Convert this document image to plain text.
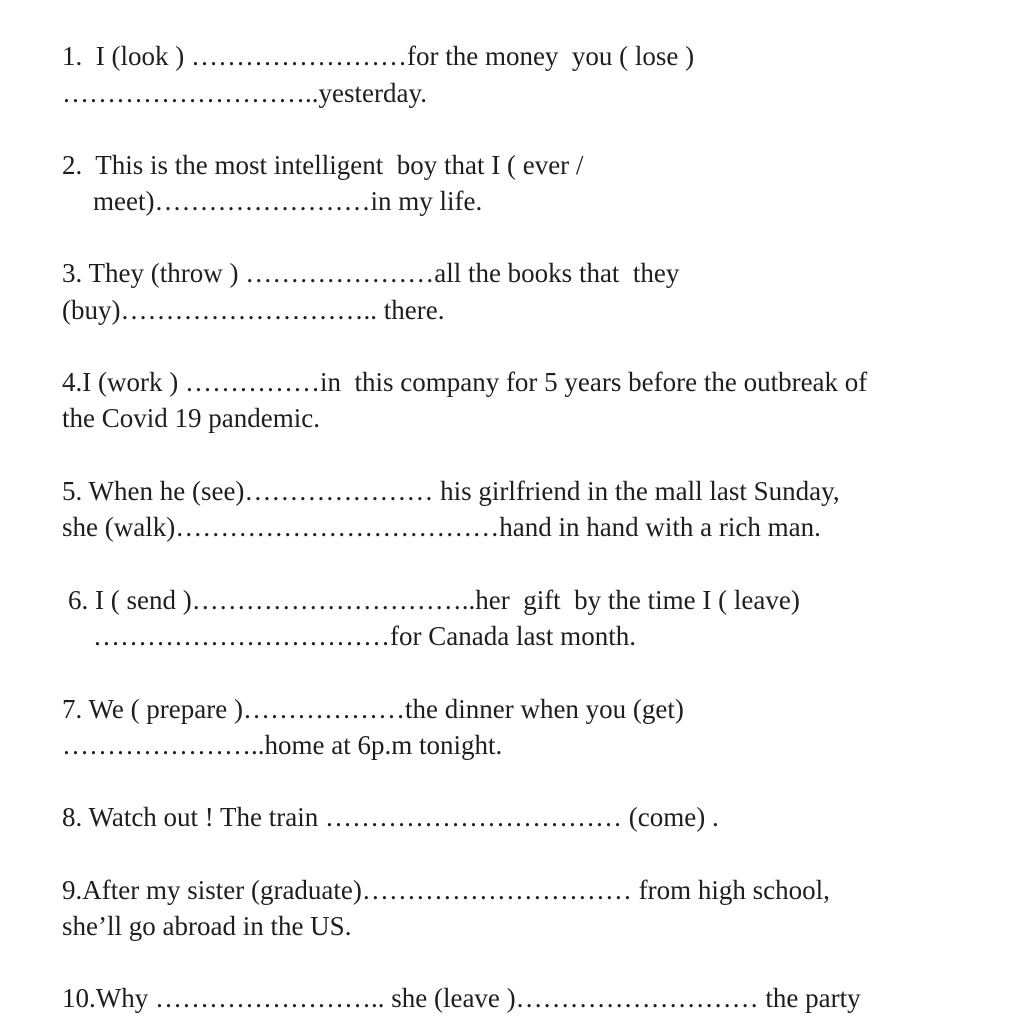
1.  I (look ) ……………………for the money  you ( lose )
………………………..yesterday.
2.  This is the most intelligent  boy that I ( ever /
meet)……………………in my life.
3. They (throw ) …………………all the books that  they
(buy)……………………….. there.
4.I (work ) ……………in  this company for 5 years before the outbreak of
the Covid 19 pandemic.
5. When he (see)………………… his girlfriend in the mall last Sunday,
she (walk)………………………………hand in hand with a rich man.
6. I ( send )…………………………..her  gift  by the time I ( leave)
……………………………for Canada last month.
7. We ( prepare )………………the dinner when you (get)
…………………..home at 6p.m tonight.
8. Watch out ! The train …………………………… (come) .
9.After my sister (graduate)………………………… from high school,
she’ll go abroad in the US.
10.Why …………………….. she (leave )……………………… the party
